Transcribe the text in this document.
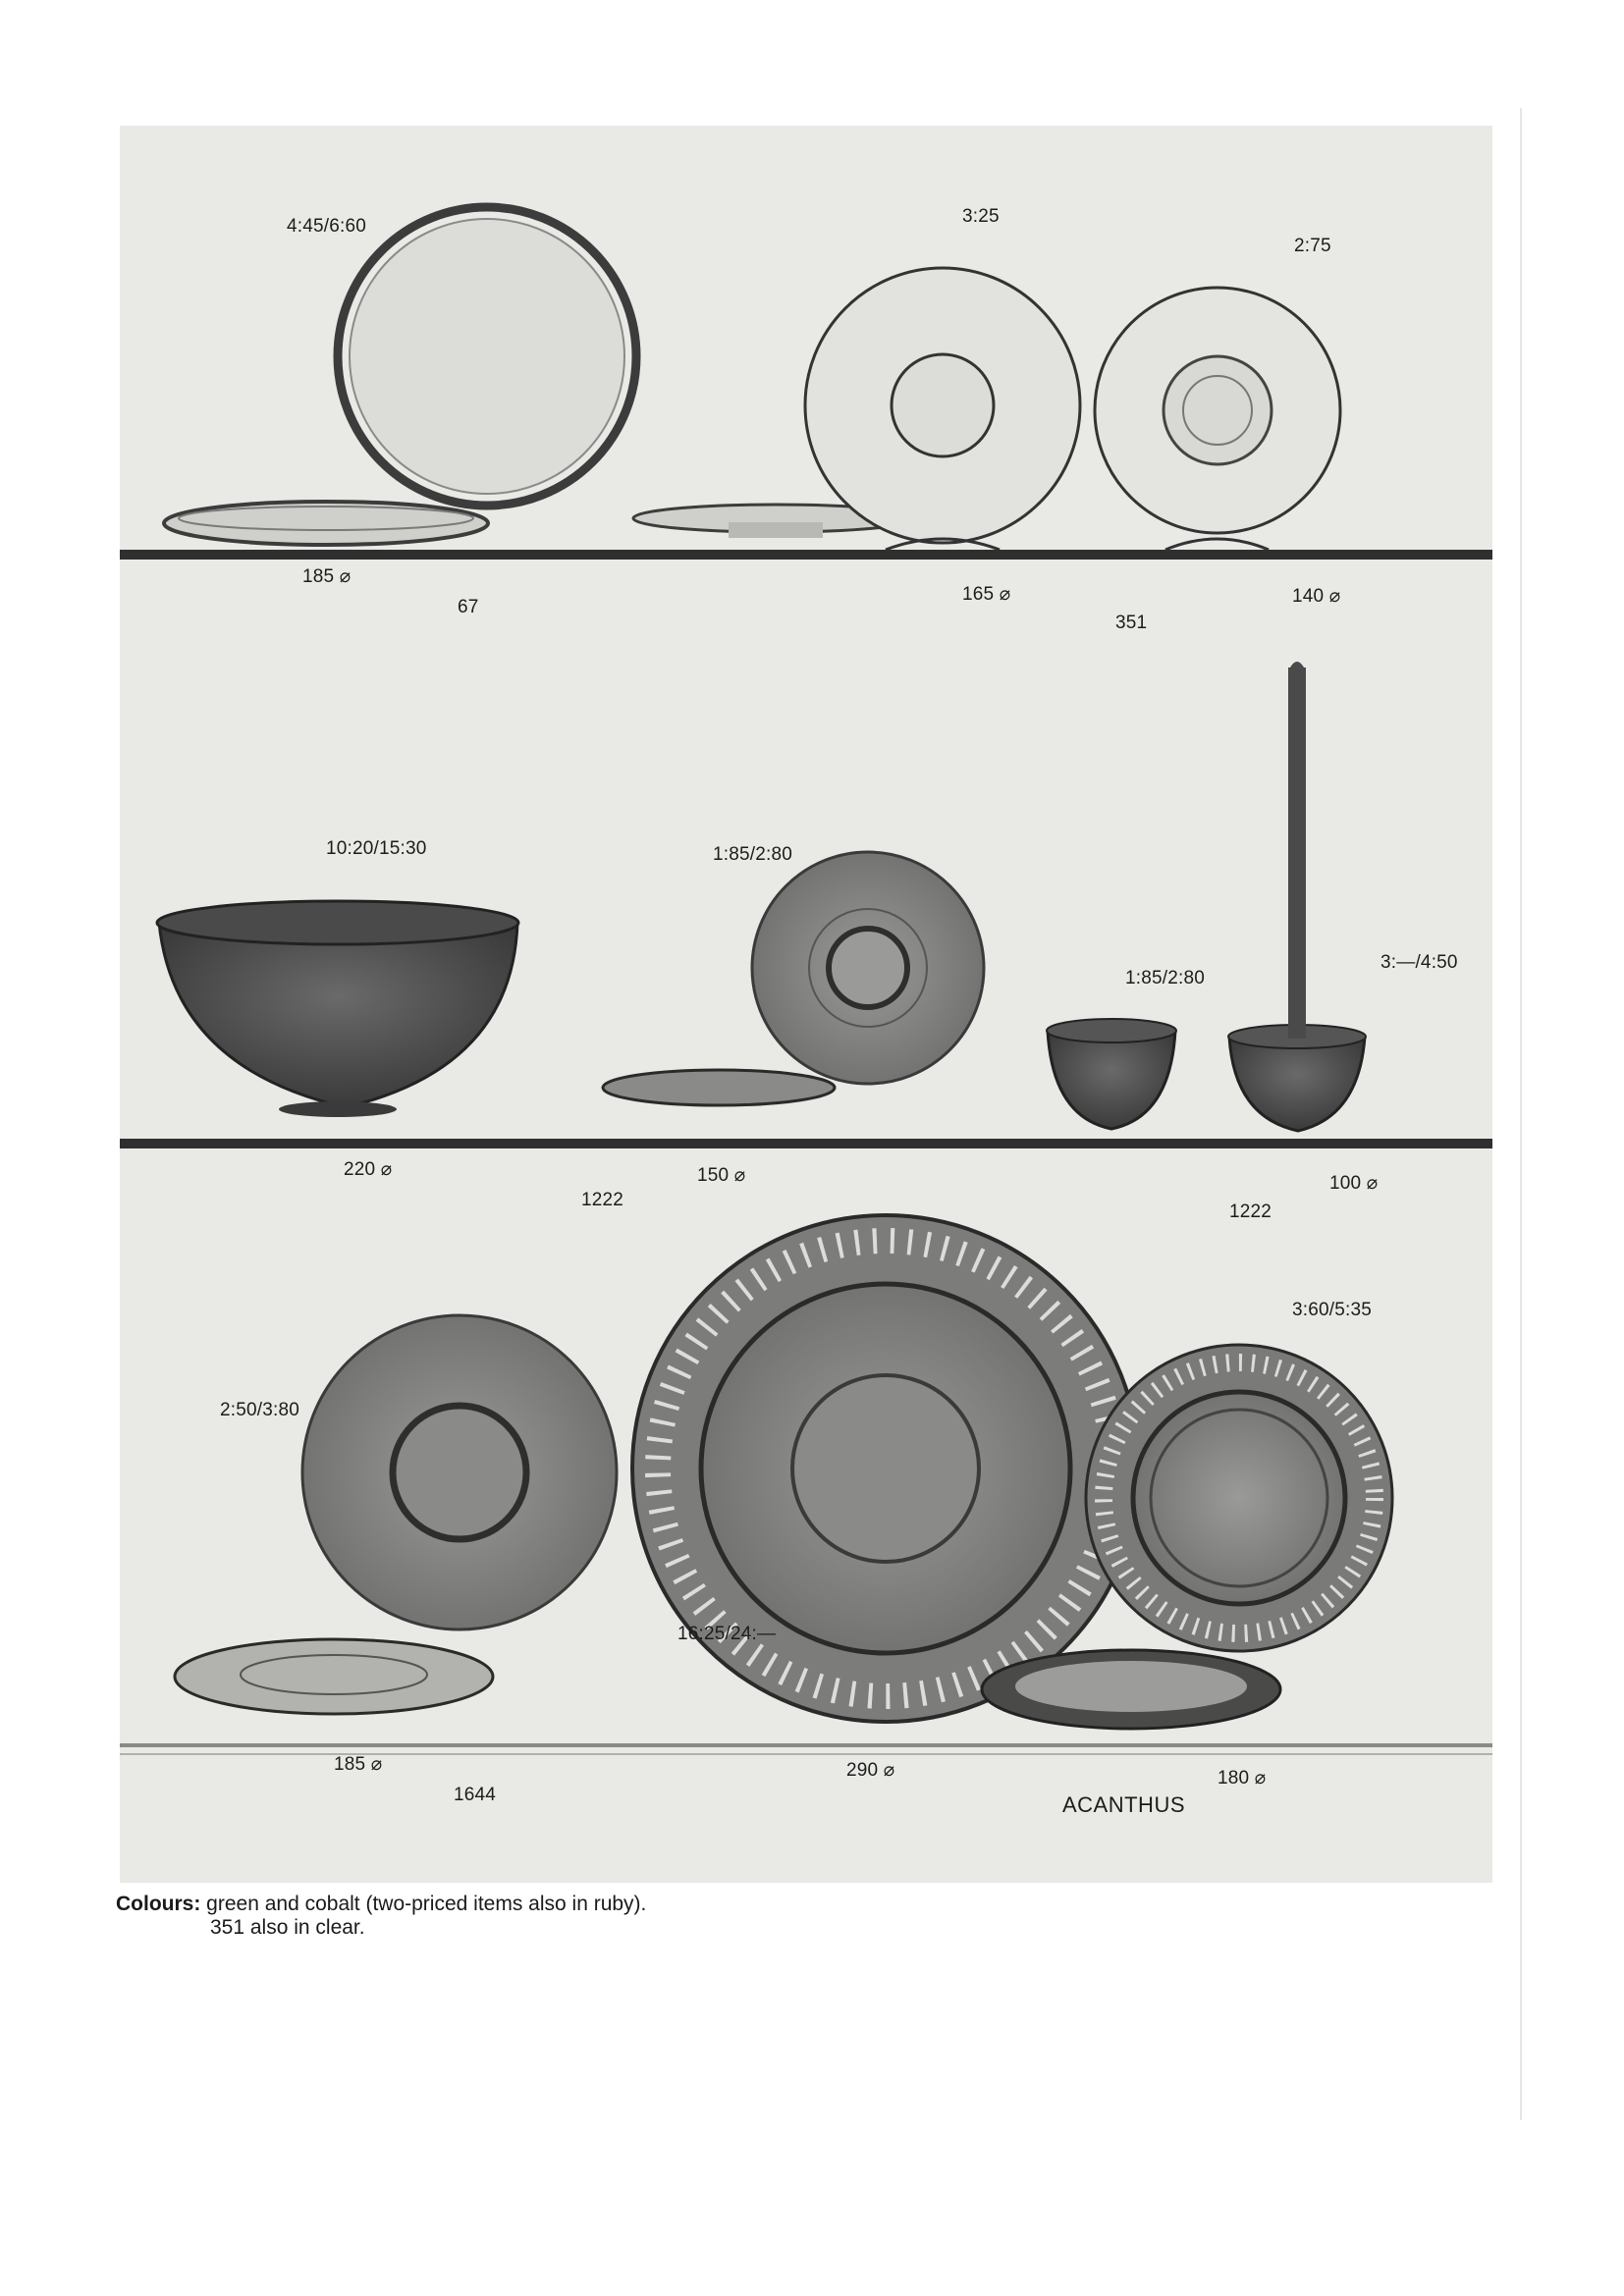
4:45/6:60	3:25
2:75
185 ⌀
67
165 ⌀
351
140 ⌀
10:20/15:30	1:85/2:80
1:85/2:80
3:—/4:50
220 ⌀
1222
150 ⌀
1222
100 ⌀
2:50/3:80
16:25/24:—
3:60/5:35
185 ⌀
1644
290 ⌀
ACANTHUS
180 ⌀
Colours: green and cobalt (two-priced items also in ruby).
351 also in clear.
